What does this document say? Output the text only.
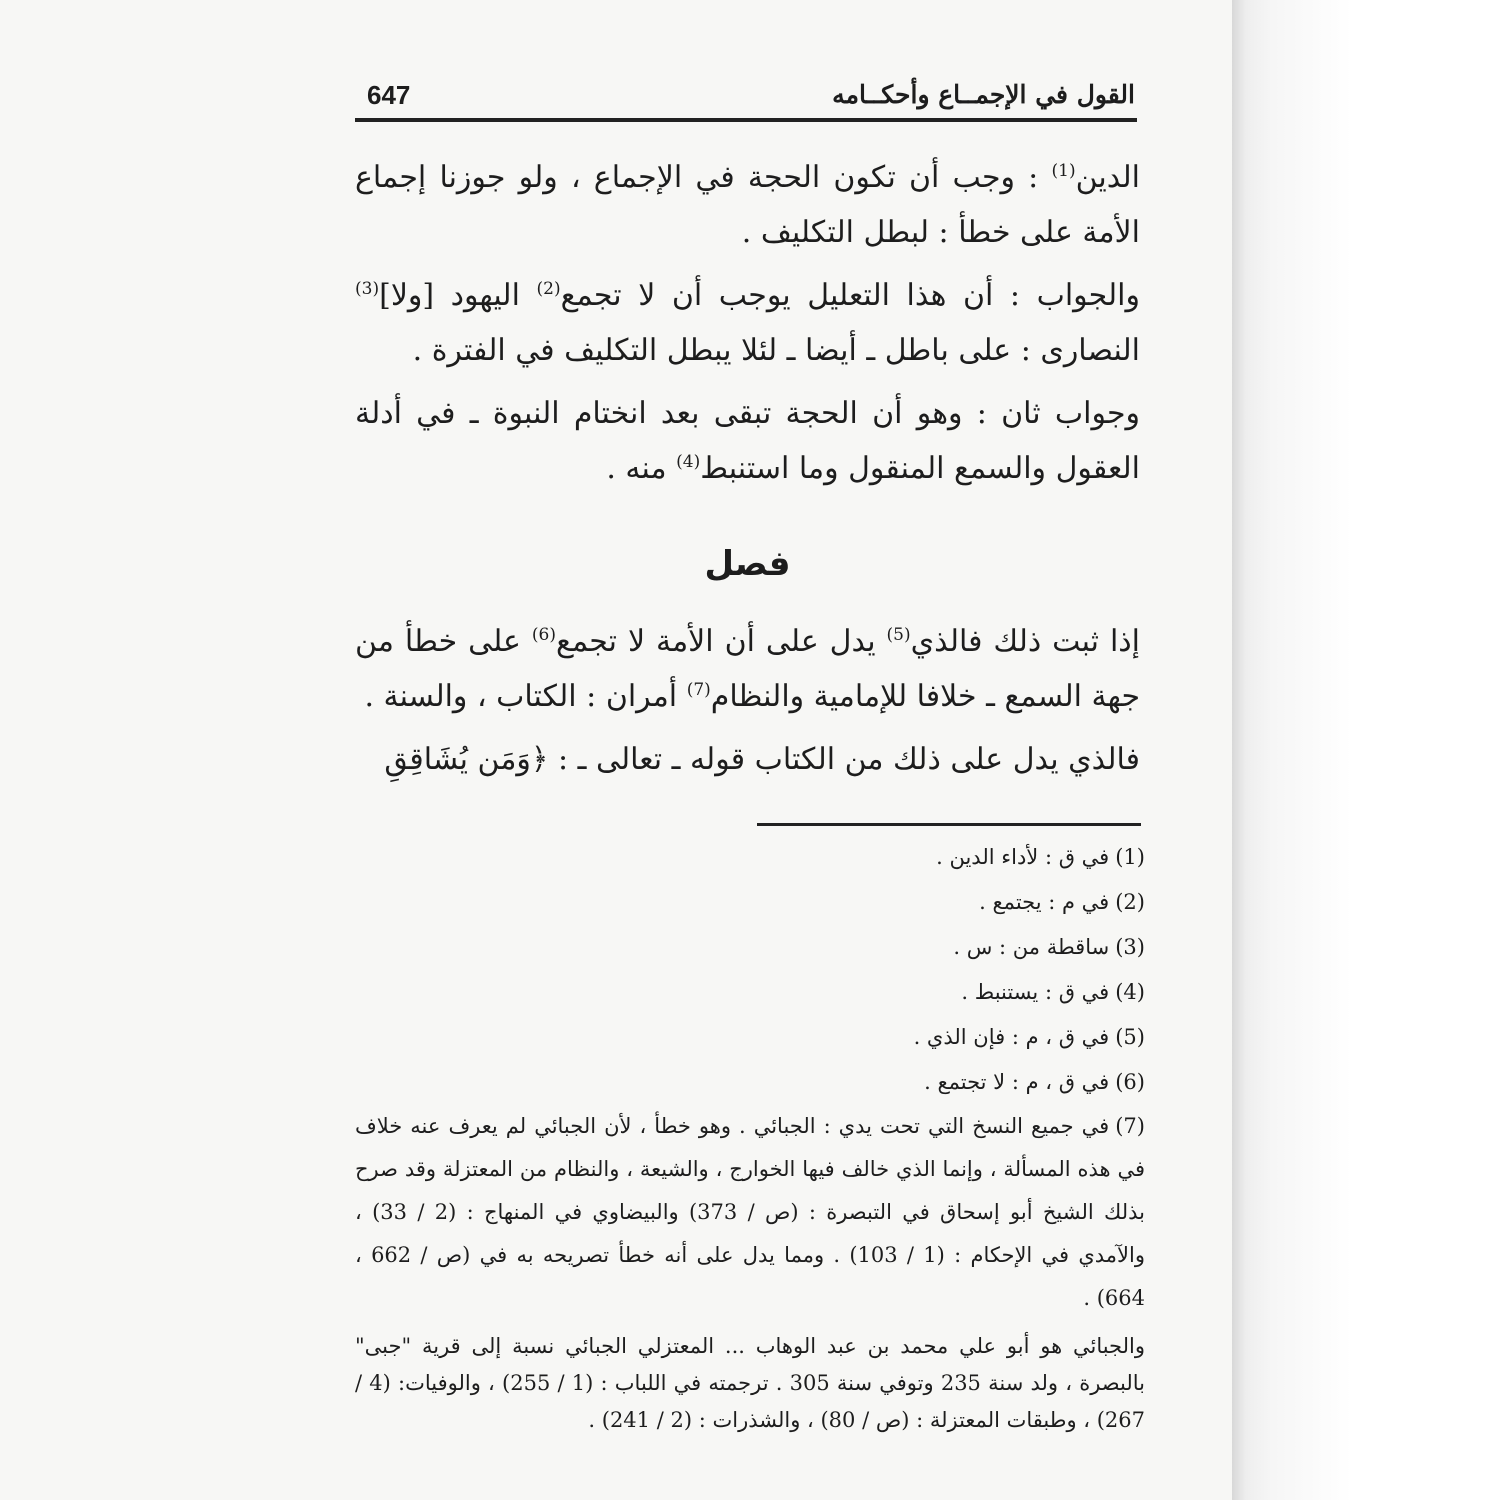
القول في الإجمــاع وأحكــامه
647

الدين$^{(1)}$ : وجب أن تكون الحجة في الإجماع ، ولو جوزنا إجماع الأمة على خطأ : لبطل التكليف .

والجواب : أن هذا التعليل يوجب أن لا تجمع$^{(2)}$ اليهود [ولا]$^{(3)}$ النصارى : على باطل ـ أيضا ـ لئلا يبطل التكليف في الفترة .

وجواب ثان : وهو أن الحجة تبقى بعد انختام النبوة ـ في أدلة العقول والسمع المنقول وما استنبط$^{(4)}$ منه .

فصل

إذا ثبت ذلك فالذي$^{(5)}$ يدل على أن الأمة لا تجمع$^{(6)}$ على خطأ من جهة السمع ـ خلافا للإمامية والنظام$^{(7)}$ أمران : الكتاب ، والسنة .

فالذي يدل على ذلك من الكتاب قوله ـ تعالى ـ : ﴿وَمَن يُشَاقِقِ

(1)في ق : لأداء الدين .
(2)في م : يجتمع .
(3)ساقطة من : س .
(4)في ق : يستنبط .
(5)في ق ، م : فإن الذي .
(6)في ق ، م : لا تجتمع .
(7)في جميع النسخ التي تحت يدي : الجبائي . وهو خطأ ، لأن الجبائي لم يعرف عنه خلاف في هذه المسألة ، وإنما الذي خالف فيها الخوارج ، والشيعة ، والنظام من المعتزلة وقد صرح بذلك الشيخ أبو إسحاق في التبصرة : (ص / 373) والبيضاوي في المنهاج : (2 / 33) ، والآمدي في الإحكام : (1 / 103) . ومما يدل على أنه خطأ تصريحه به في (ص / 662 ، 664) .
والجبائي هو أبو علي محمد بن عبد الوهاب ... المعتزلي الجبائي نسبة إلى قرية "جبى" بالبصرة ، ولد سنة 235 وتوفي سنة 305 . ترجمته في اللباب : (1 / 255) ، والوفيات: (4 / 267) ، وطبقات المعتزلة : (ص / 80) ، والشذرات : (2 / 241) .
